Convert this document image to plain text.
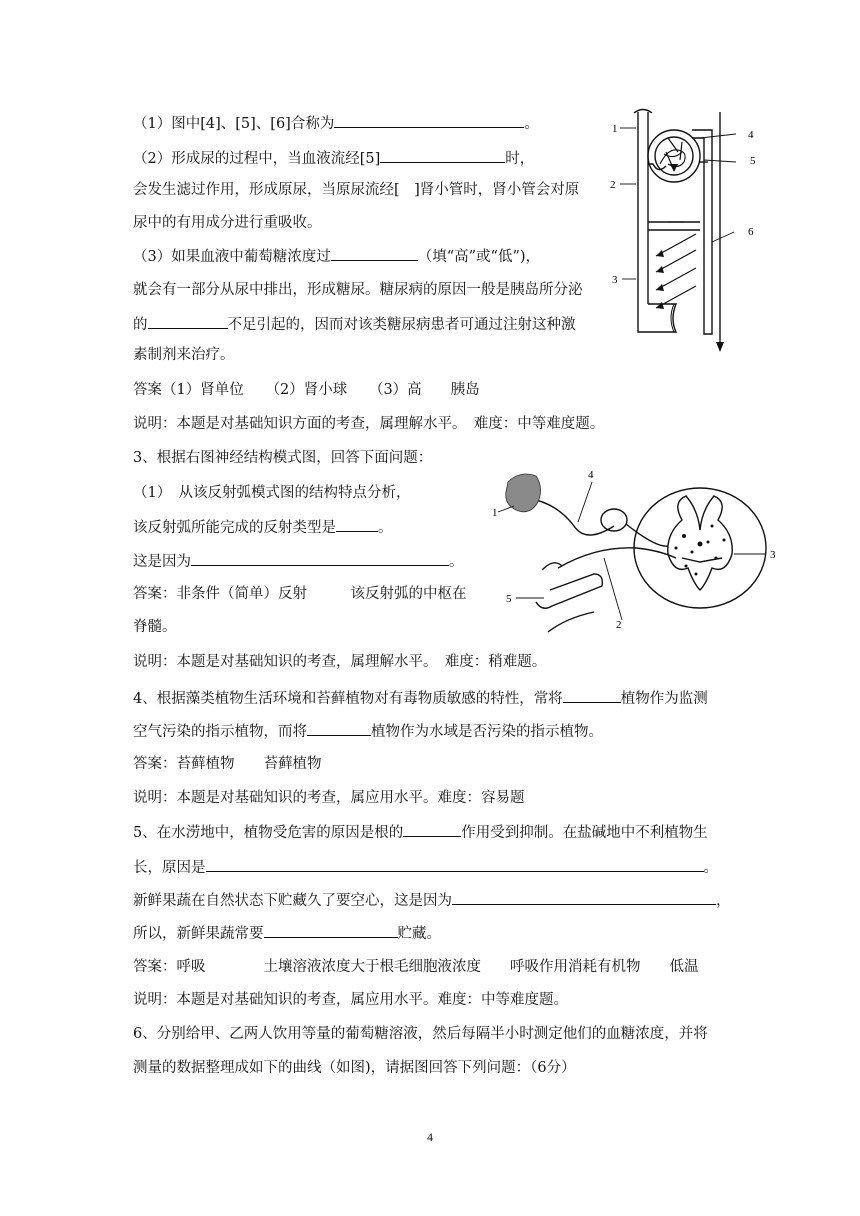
（1）图中[4]、[5]、[6]合称为	。
（2）形成尿的过程中，当血液流经[5]	时，
会发生滤过作用，形成原尿，当原尿流经[　]肾小管时，肾小管会对原
尿中的有用成分进行重吸收。
（3）如果血液中葡萄糖浓度过	（填“高”或“低”)，
就会有一部分从尿中排出，形成糖尿。糖尿病的原因一般是胰岛所分泌
的	不足引起的，因而对该类糖尿病患者可通过注射这种激
素制剂来治疗。
答案（1）肾单位　　（2）肾小球　　（3）高　　胰岛
说明：本题是对基础知识方面的考查，属理解水平。　难度：中等难度题。
1
2
3
4
5
6
3、根据右图神经结构模式图，回答下面问题：
（1）　从该反射弧模式图的结构特点分析，
该反射弧所能完成的反射类型是	。
这是因为	。
答案：非条件（简单）反射　　　该反射弧的中枢在
脊髓。
说明：本题是对基础知识的考查，属理解水平。　难度：稍难题。
1
2
3
4
5
4、根据藻类植物生活环境和苔藓植物对有毒物质敏感的特性，常将	植物作为监测
空气污染的指示植物，而将	植物作为水域是否污染的指示植物。
答案：苔藓植物　　苔藓植物
说明：本题是对基础知识的考查，属应用水平。难度：容易题
5、在水涝地中，植物受危害的原因是根的	作用受到抑制。在盐碱地中不利植物生
长，原因是	。
新鲜果蔬在自然状态下贮藏久了要空心，这是因为	，
所以，新鲜果蔬常要	贮藏。
答案：呼吸　　　　土壤溶液浓度大于根毛细胞液浓度　　呼吸作用消耗有机物　　低温
说明：本题是对基础知识的考查，属应用水平。难度：中等难度题。
6、分别给甲、乙两人饮用等量的葡萄糖溶液，然后每隔半小时测定他们的血糖浓度，并将
测量的数据整理成如下的曲线（如图)，请据图回答下列问题：（6分）
4
